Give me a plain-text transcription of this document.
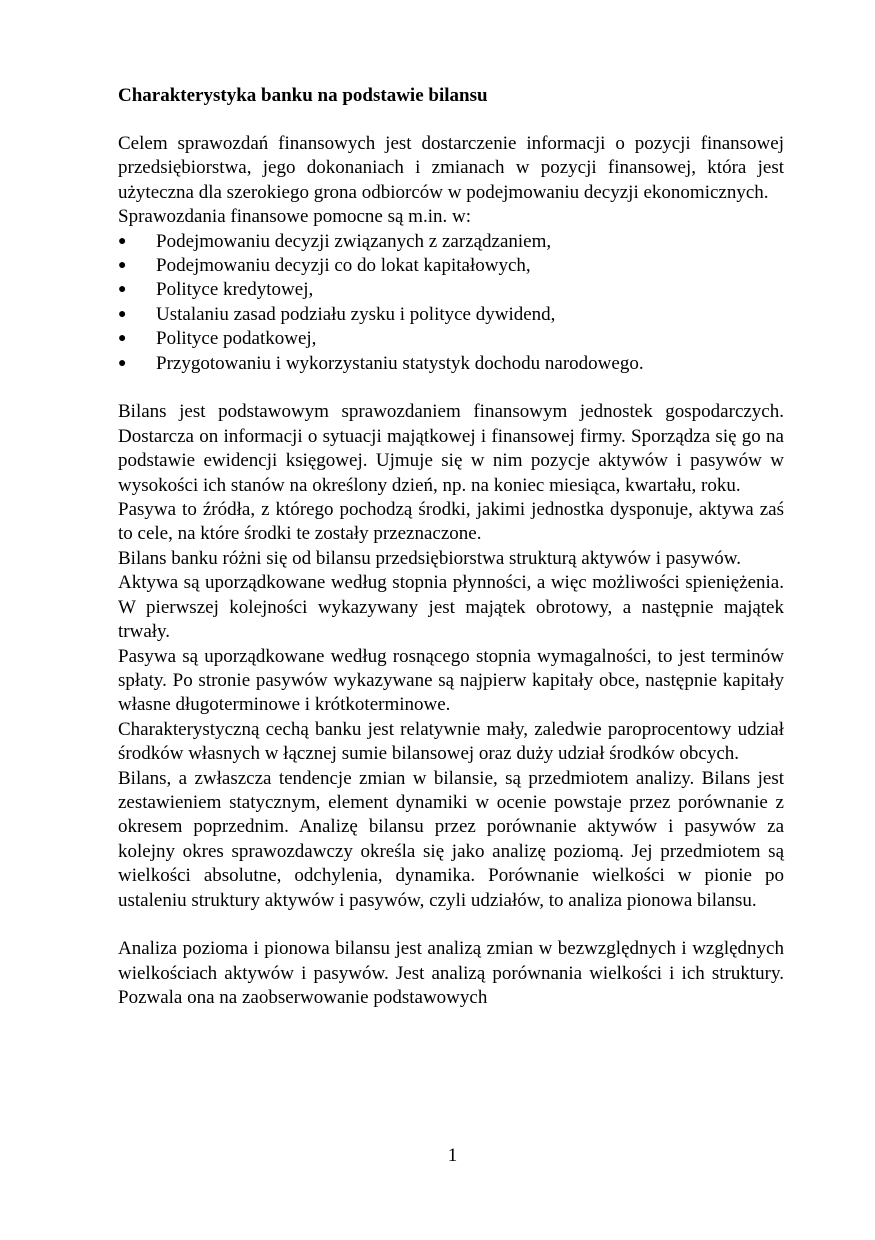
Charakterystyka banku na podstawie bilansu

Celem sprawozdań finansowych jest dostarczenie informacji o pozycji finansowej przedsiębiorstwa, jego dokonaniach i zmianach w pozycji finansowej, która jest użyteczna dla szerokiego grona odbiorców w podejmowaniu decyzji ekonomicznych.

Sprawozdania finansowe pomocne są m.in. w:

● Podejmowaniu decyzji związanych z zarządzaniem,
● Podejmowaniu decyzji co do lokat kapitałowych,
● Polityce kredytowej,
● Ustalaniu zasad podziału zysku i polityce dywidend,
● Polityce podatkowej,
● Przygotowaniu i wykorzystaniu statystyk dochodu narodowego.

Bilans jest podstawowym sprawozdaniem finansowym jednostek gospodarczych. Dostarcza on informacji o sytuacji majątkowej i finansowej firmy. Sporządza się go na podstawie ewidencji księgowej. Ujmuje się w nim pozycje aktywów i pasywów w wysokości ich stanów na określony dzień, np. na koniec miesiąca, kwartału, roku.

Pasywa to źródła, z którego pochodzą środki, jakimi jednostka dysponuje, aktywa zaś to cele, na które środki te zostały przeznaczone.

Bilans banku różni się od bilansu przedsiębiorstwa strukturą aktywów i pasywów.

Aktywa są uporządkowane według stopnia płynności, a więc możliwości spieniężenia. W pierwszej kolejności wykazywany jest majątek obrotowy, a następnie majątek trwały.

Pasywa są uporządkowane według rosnącego stopnia wymagalności, to jest terminów spłaty. Po stronie pasywów wykazywane są najpierw kapitały obce, następnie kapitały własne długoterminowe i krótkoterminowe.

Charakterystyczną cechą banku jest relatywnie mały, zaledwie paroprocentowy udział środków własnych w łącznej sumie bilansowej oraz duży udział środków obcych.

Bilans, a zwłaszcza tendencje zmian w bilansie, są przedmiotem analizy. Bilans jest zestawieniem statycznym, element dynamiki w ocenie powstaje przez porównanie z okresem poprzednim. Analizę bilansu przez porównanie aktywów i pasywów za kolejny okres sprawozdawczy określa się jako analizę poziomą. Jej przedmiotem są wielkości absolutne, odchylenia, dynamika. Porównanie wielkości w pionie po ustaleniu struktury aktywów i pasywów, czyli udziałów, to analiza pionowa bilansu.

Analiza pozioma i pionowa bilansu jest analizą zmian w bezwzględnych i względnych wielkościach aktywów i pasywów. Jest analizą porównania wielkości i ich struktury. Pozwala ona na zaobserwowanie podstawowych

1
